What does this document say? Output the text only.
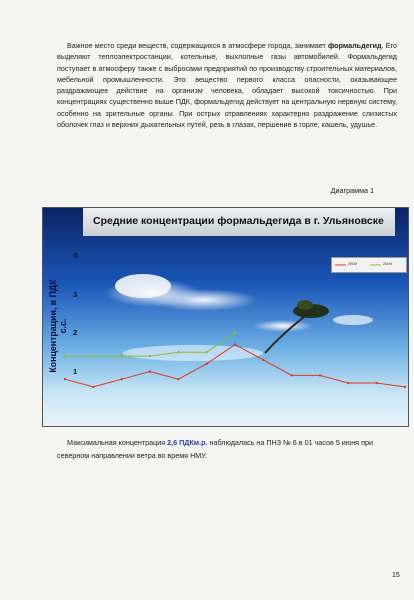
Важное место среди веществ, содержащихся в атмосфере города, занимает формальдегид. Его выделяют теплоэлектростанции, котельные, выхлопные газы автомобилей. Формальдегид поступает в атмосферу также с выбросами предприятий по производству строительных материалов, мебельной промышленности. Это вещество первого класса опасности, оказывающее раздражающее действие на организм человека, обладает высокой токсичностью. При концентрациях существенно выше ПДК, формальдегид действует на центральную нервную систему, особенно на зрительные органы. При острых отравлениях характерно раздражение слизистых оболочек глаз и верхних дыхательных путей, резь в глазах, першение в горле, кашель, удушье.

Диаграмма 1
Средние концентрации формальдегида в г. Ульяновске
Концентрации, в ПДК с.с.
2018г	2019г
1
2
3
4

Максимальная концентрация 2,6 ПДКм.р. наблюдалась на ПНЗ № 6 в 01 часов 5 июня при северном направлении ветра во время НМУ.

15
